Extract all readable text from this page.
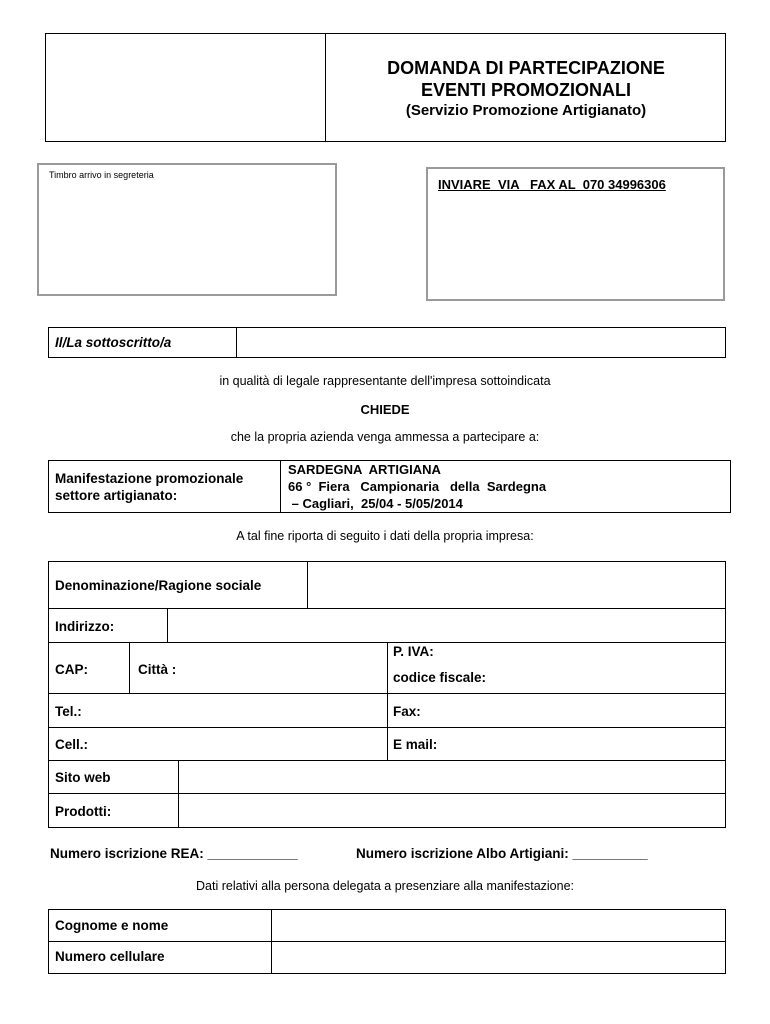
DOMANDA DI PARTECIPAZIONE
EVENTI PROMOZIONALI
(Servizio Promozione Artigianato)
Timbro arrivo in segreteria
INVIARE  VIA   FAX AL  070 34996306
Il/La sottoscritto/a
in qualità di legale rappresentante dell'impresa sottoindicata
CHIEDE
che la propria azienda venga ammessa a partecipare a:
Manifestazione promozionale
settore artigianato:
SARDEGNA  ARTIGIANA
66 °  Fiera   Campionaria   della  Sardegna
– Cagliari,  25/04 - 5/05/2014
A tal fine riporta di seguito i dati della propria impresa:
Denominazione/Ragione sociale
Indirizzo:
CAP:	Città :
P. IVA:
codice fiscale:
Tel.:	Fax:
Cell.:	E mail:
Sito web
Prodotti:
Numero iscrizione REA: ____________	Numero iscrizione Albo Artigiani: __________
Dati relativi alla persona delegata a presenziare alla manifestazione:
Cognome e nome
Numero cellulare
